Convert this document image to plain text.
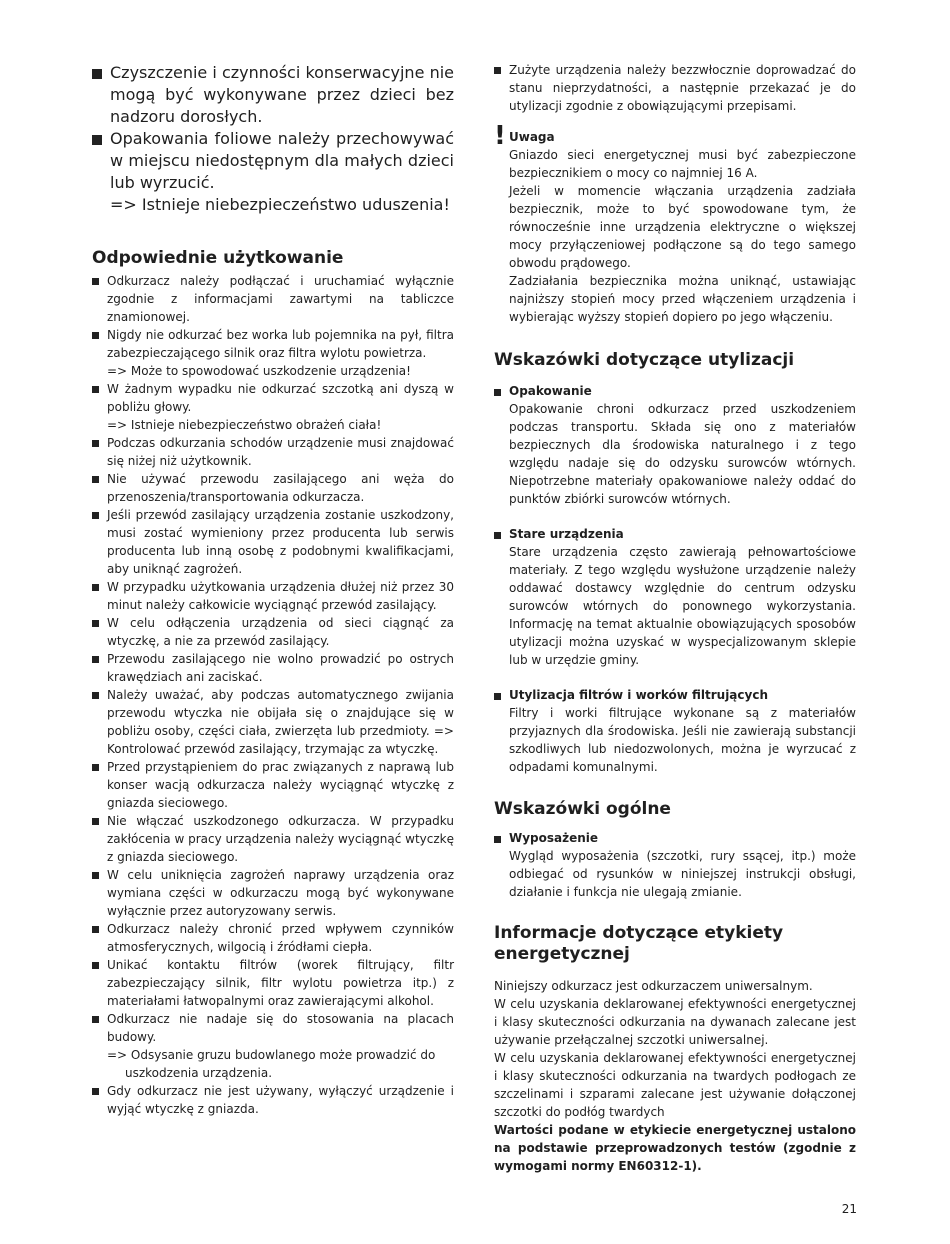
Czyszczenie i czynności konserwacyjne nie mogą być wykonywane przez dzieci bez nadzoru dorosłych.
Opakowania foliowe należy przechowywać w miejscu niedostępnym dla małych dzieci lub wyrzucić.
=> Istnieje niebezpieczeństwo uduszenia!
Odpowiednie użytkowanie
Odkurzacz należy podłączać i uruchamiać wyłącznie zgodnie z informacjami zawartymi na tabliczce znamionowej.
Nigdy nie odkurzać bez worka lub pojemnika na pył, filtra zabezpieczającego silnik oraz filtra wylotu powietrza.
=> Może to spowodować uszkodzenie urządzenia!
W żadnym wypadku nie odkurzać szczotką ani dyszą w pobliżu głowy.
=> Istnieje niebezpieczeństwo obrażeń ciała!
Podczas odkurzania schodów urządzenie musi znajdować się niżej niż użytkownik.
Nie używać przewodu zasilającego ani węża do przenoszenia/transportowania odkurzacza.
Jeśli przewód zasilający urządzenia zostanie uszkodzony, musi zostać wymieniony przez producenta lub serwis producenta lub inną osobę z podobnymi kwalifikacjami, aby uniknąć zagrożeń.
W przypadku użytkowania urządzenia dłużej niż przez 30 minut należy całkowicie wyciągnąć przewód zasilający.
W celu odłączenia urządzenia od sieci ciągnąć za wtyczkę, a nie za przewód zasilający.
Przewodu zasilającego nie wolno prowadzić po ostrych krawędziach ani zaciskać.
Należy uważać, aby podczas automatycznego zwijania przewodu wtyczka nie obijała się o znajdujące się w pobliżu osoby, części ciała, zwierzęta lub przedmioty. => Kontrolować przewód zasilający, trzymając za wtyczkę.
Przed przystąpieniem do prac związanych z naprawą lub konser wacją odkurzacza należy wyciągnąć wtyczkę z gniazda sieciowego.
Nie włączać uszkodzonego odkurzacza. W przypadku zakłócenia w pracy urządzenia należy wyciągnąć wtyczkę z gniazda sieciowego.
W celu uniknięcia zagrożeń naprawy urządzenia oraz wymiana części w odkurzaczu mogą być wykonywane wyłącznie przez autoryzowany serwis.
Odkurzacz należy chronić przed wpływem czynników atmosferycznych, wilgocią i źródłami ciepła.
Unikać kontaktu filtrów (worek filtrujący, filtr zabezpieczający silnik, filtr wylotu powietrza itp.) z materiałami łatwopalnymi oraz zawierającymi alkohol.
Odkurzacz nie nadaje się do stosowania na placach budowy.
=> Odsysanie gruzu budowlanego może prowadzić do
uszkodzenia urządzenia.
Gdy odkurzacz nie jest używany, wyłączyć urządzenie i wyjąć wtyczkę z gniazda.
Zużyte urządzenia należy bezzwłocznie doprowadzać do stanu nieprzydatności, a następnie przekazać je do utylizacji zgodnie z obowiązującymi przepisami.
! Uwaga
Gniazdo sieci energetycznej musi być zabezpieczone bezpiecznikiem o mocy co najmniej 16 A.
Jeżeli w momencie włączania urządzenia zadziała bezpiecznik, może to być spowodowane tym, że równocześnie inne urządzenia elektryczne o większej mocy przyłączeniowej podłączone są do tego samego obwodu prądowego.
Zadziałania bezpiecznika można uniknąć, ustawiając najniższy stopień mocy przed włączeniem urządzenia i wybierając wyższy stopień dopiero po jego włączeniu.
Wskazówki dotyczące utylizacji
Opakowanie
Opakowanie chroni odkurzacz przed uszkodzeniem podczas transportu. Składa się ono z materiałów bezpiecznych dla środowiska naturalnego i z tego względu nadaje się do odzysku surowców wtórnych. Niepotrzebne materiały opakowaniowe należy oddać do punktów zbiórki surowców wtórnych.
Stare urządzenia
Stare urządzenia często zawierają pełnowartościowe materiały. Z tego względu wysłużone urządzenie należy oddawać dostawcy względnie do centrum odzysku surowców wtórnych do ponownego wykorzystania. Informację na temat aktualnie obowiązujących sposobów utylizacji można uzyskać w wyspecjalizowanym sklepie lub w urzędzie gminy.
Utylizacja filtrów i worków filtrujących
Filtry i worki filtrujące wykonane są z materiałów przyjaznych dla środowiska. Jeśli nie zawierają substancji szkodliwych lub niedozwolonych, można je wyrzucać z odpadami komunalnymi.
Wskazówki ogólne
Wyposażenie
Wygląd wyposażenia (szczotki, rury ssącej, itp.) może odbiegać od rysunków w niniejszej instrukcji obsługi, działanie i funkcja nie ulegają zmianie.
Informacje dotyczące etykiety energetycznej
Niniejszy odkurzacz jest odkurzaczem uniwersalnym.
W celu uzyskania deklarowanej efektywności energetycznej i klasy skuteczności odkurzania na dywanach zalecane jest używanie przełączalnej szczotki uniwersalnej.
W celu uzyskania deklarowanej efektywności energetycznej i klasy skuteczności odkurzania na twardych podłogach ze szczelinami i szparami zalecane jest używanie dołączonej szczotki do podłóg twardych
Wartości podane w etykiecie energetycznej ustalono na podstawie przeprowadzonych testów (zgodnie z wymogami normy EN60312-1).
21
